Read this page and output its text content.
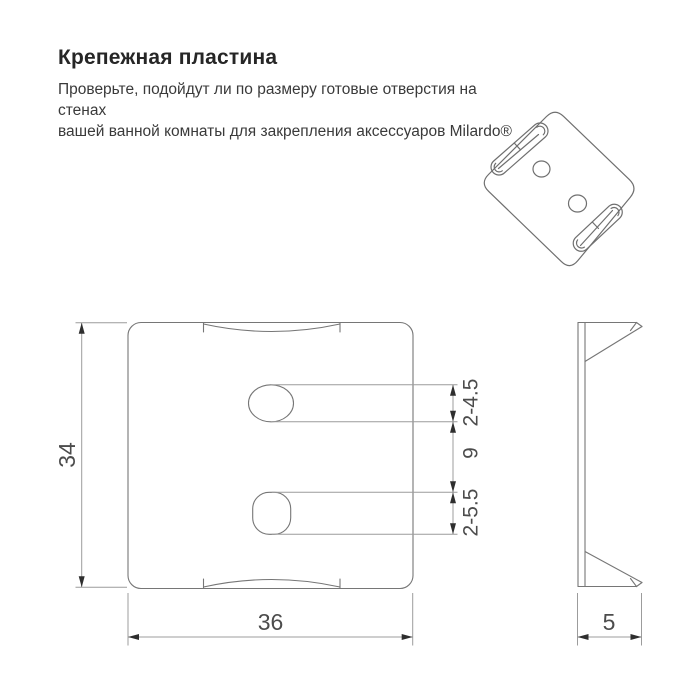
Крепежная пластина

Проверьте, подойдут ли по размеру готовые отверстия на стенах
вашей ванной комнаты для закрепления аксессуаров Milardo®

34
36
2-4.5
9
2-5.5
5
